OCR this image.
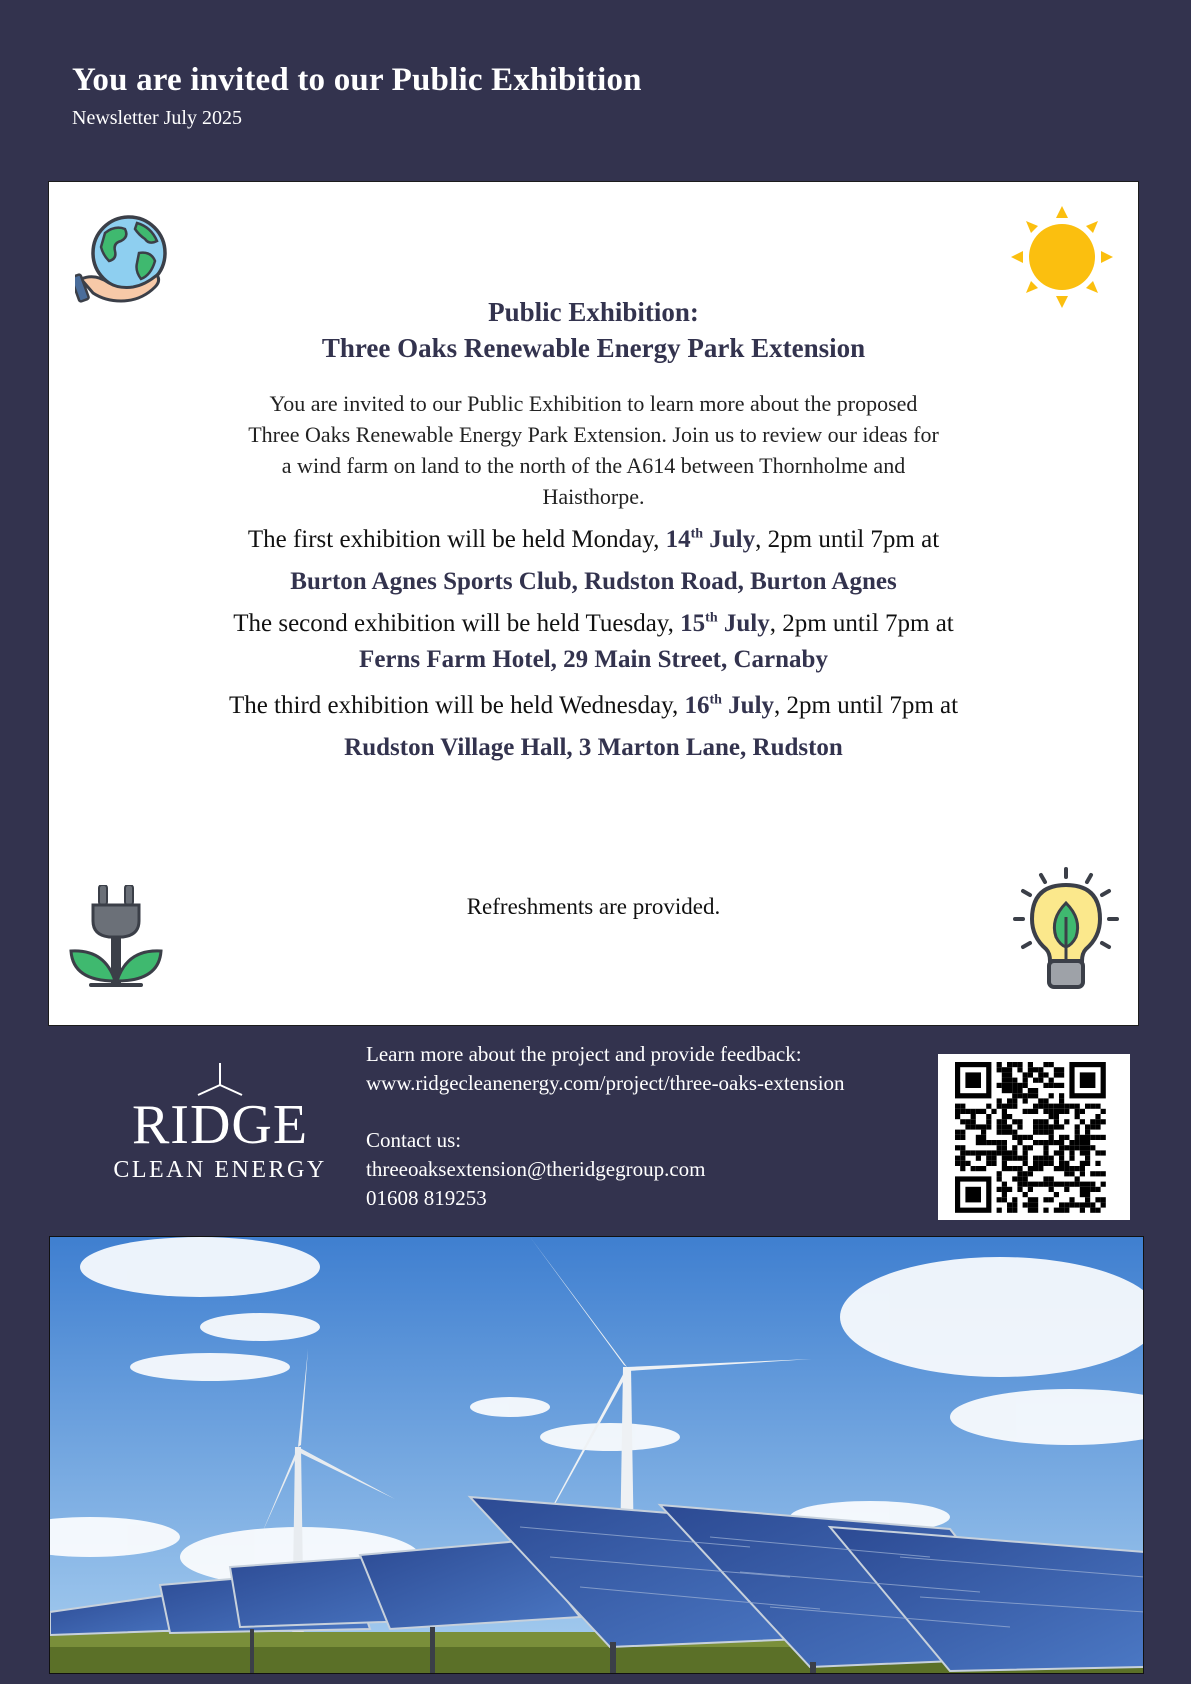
You are invited to our Public Exhibition
Newsletter July 2025
Public Exhibition:
Three Oaks Renewable Energy Park Extension
You are invited to our Public Exhibition to learn more about the proposed Three Oaks Renewable Energy Park Extension. Join us to review our ideas for a wind farm on land to the north of the A614 between Thornholme and Haisthorpe.
The first exhibition will be held Monday, 14th July, 2pm until 7pm at
Burton Agnes Sports Club, Rudston Road, Burton Agnes
The second exhibition will be held Tuesday, 15th July, 2pm until 7pm at
Ferns Farm Hotel, 29 Main Street, Carnaby
The third exhibition will be held Wednesday, 16th July, 2pm until 7pm at
Rudston Village Hall, 3 Marton Lane, Rudston
Refreshments are provided.
RIDGE
CLEAN ENERGY
Learn more about the project and provide feedback:
www.ridgecleanenergy.com/project/three-oaks-extension
Contact us:
threeoaksextension@theridgegroup.com
01608 819253
